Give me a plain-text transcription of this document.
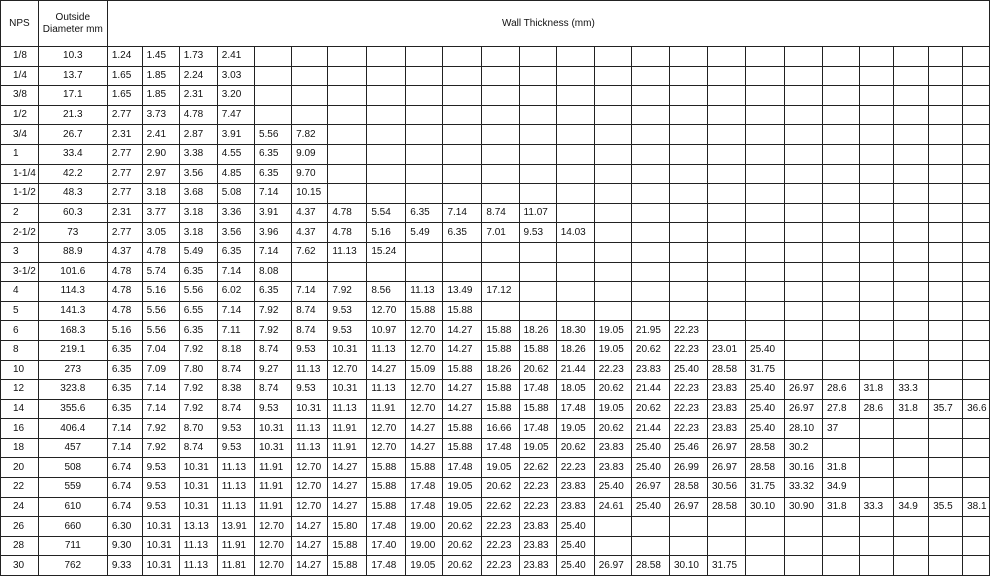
NPS	Outside
Diameter mm	Wall Thickness (mm)																							
1/8	10.3	1.24	1.45	1.73	2.41																				
1/4	13.7	1.65	1.85	2.24	3.03																				
3/8	17.1	1.65	1.85	2.31	3.20																				
1/2	21.3	2.77	3.73	4.78	7.47																				
3/4	26.7	2.31	2.41	2.87	3.91	5.56	7.82																		
1	33.4	2.77	2.90	3.38	4.55	6.35	9.09																		
1-1/4	42.2	2.77	2.97	3.56	4.85	6.35	9.70																		
1-1/2	48.3	2.77	3.18	3.68	5.08	7.14	10.15																		
2	60.3	2.31	3.77	3.18	3.36	3.91	4.37	4.78	5.54	6.35	7.14	8.74	11.07												
2-1/2	73	2.77	3.05	3.18	3.56	3.96	4.37	4.78	5.16	5.49	6.35	7.01	9.53	14.03											
3	88.9	4.37	4.78	5.49	6.35	7.14	7.62	11.13	15.24																
3-1/2	101.6	4.78	5.74	6.35	7.14	8.08																			
4	114.3	4.78	5.16	5.56	6.02	6.35	7.14	7.92	8.56	11.13	13.49	17.12													
5	141.3	4.78	5.56	6.55	7.14	7.92	8.74	9.53	12.70	15.88	15.88														
6	168.3	5.16	5.56	6.35	7.11	7.92	8.74	9.53	10.97	12.70	14.27	15.88	18.26	18.30	19.05	21.95	22.23								
8	219.1	6.35	7.04	7.92	8.18	8.74	9.53	10.31	11.13	12.70	14.27	15.88	15.88	18.26	19.05	20.62	22.23	23.01	25.40						
10	273	6.35	7.09	7.80	8.74	9.27	11.13	12.70	14.27	15.09	15.88	18.26	20.62	21.44	22.23	23.83	25.40	28.58	31.75						
12	323.8	6.35	7.14	7.92	8.38	8.74	9.53	10.31	11.13	12.70	14.27	15.88	17.48	18.05	20.62	21.44	22.23	23.83	25.40	26.97	28.6	31.8	33.3		
14	355.6	6.35	7.14	7.92	8.74	9.53	10.31	11.13	11.91	12.70	14.27	15.88	15.88	17.48	19.05	20.62	22.23	23.83	25.40	26.97	27.8	28.6	31.8	35.7	36.6
16	406.4	7.14	7.92	8.70	9.53	10.31	11.13	11.91	12.70	14.27	15.88	16.66	17.48	19.05	20.62	21.44	22.23	23.83	25.40	28.10	37				
18	457	7.14	7.92	8.74	9.53	10.31	11.13	11.91	12.70	14.27	15.88	17.48	19.05	20.62	23.83	25.40	25.46	26.97	28.58	30.2					
20	508	6.74	9.53	10.31	11.13	11.91	12.70	14.27	15.88	15.88	17.48	19.05	22.62	22.23	23.83	25.40	26.99	26.97	28.58	30.16	31.8				
22	559	6.74	9.53	10.31	11.13	11.91	12.70	14.27	15.88	17.48	19.05	20.62	22.23	23.83	25.40	26.97	28.58	30.56	31.75	33.32	34.9				
24	610	6.74	9.53	10.31	11.13	11.91	12.70	14.27	15.88	17.48	19.05	22.62	22.23	23.83	24.61	25.40	26.97	28.58	30.10	30.90	31.8	33.3	34.9	35.5	38.1
26	660	6.30	10.31	13.13	13.91	12.70	14.27	15.80	17.48	19.00	20.62	22.23	23.83	25.40											
28	711	9.30	10.31	11.13	11.91	12.70	14.27	15.88	17.40	19.00	20.62	22.23	23.83	25.40											
30	762	9.33	10.31	11.13	11.81	12.70	14.27	15.88	17.48	19.05	20.62	22.23	23.83	25.40	26.97	28.58	30.10	31.75							
